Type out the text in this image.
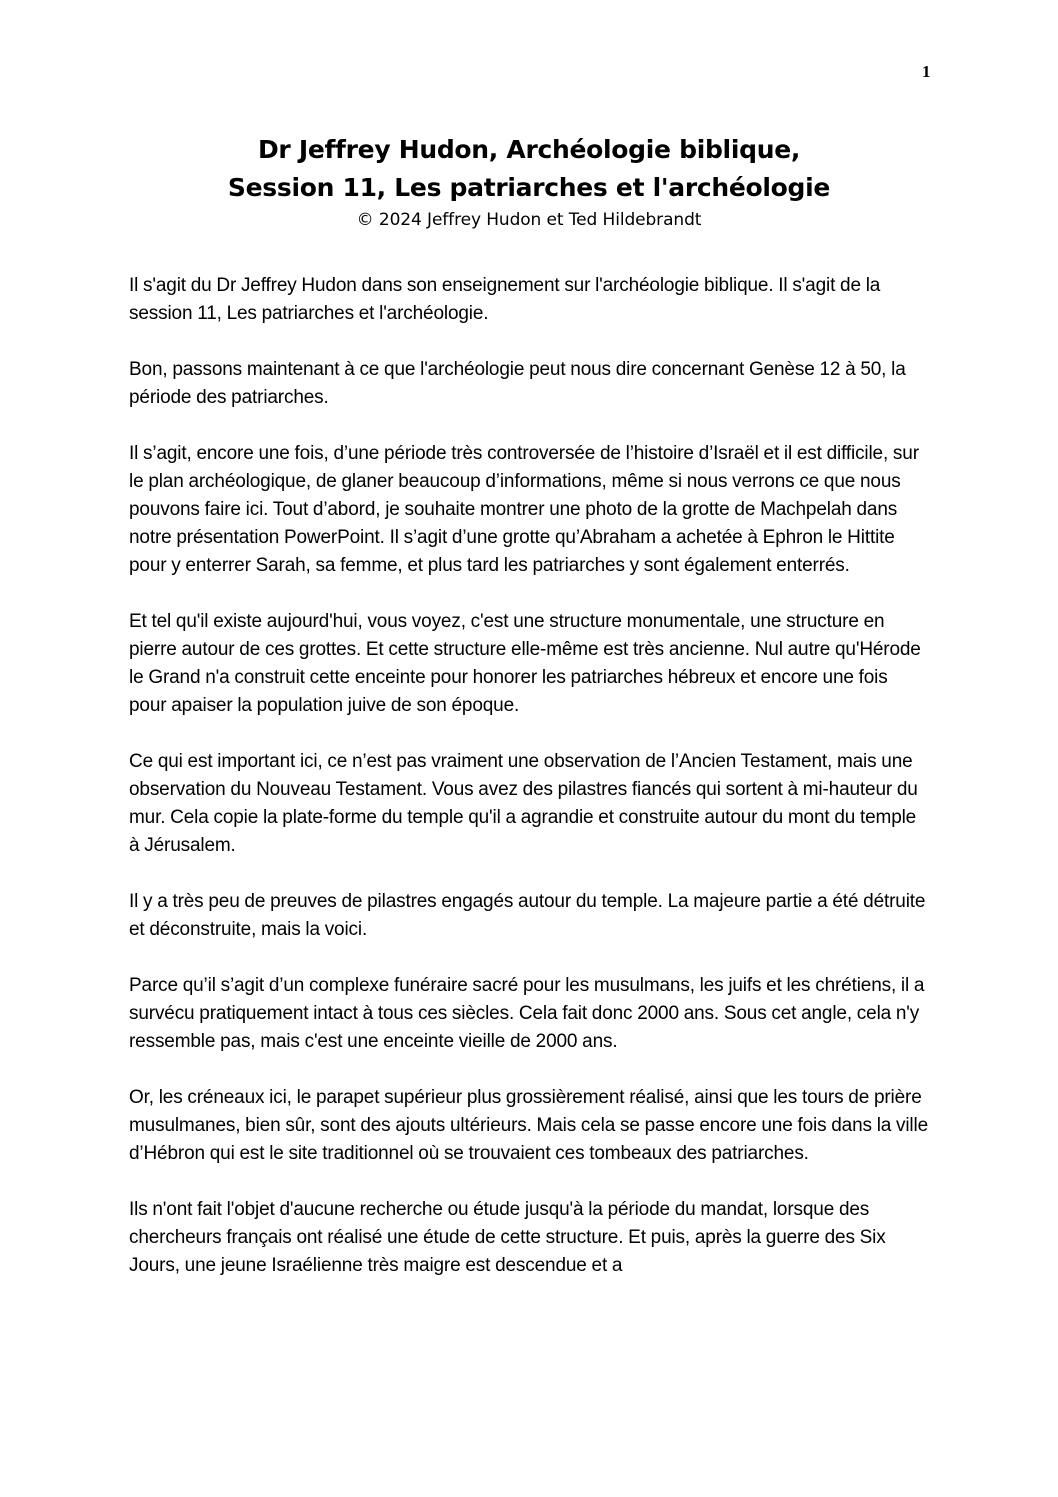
1
Dr Jeffrey Hudon, Archéologie biblique,
Session 11, Les patriarches et l'archéologie
© 2024 Jeffrey Hudon et Ted Hildebrandt

Il s'agit du Dr Jeffrey Hudon dans son enseignement sur l'archéologie biblique. Il s'agit de la session 11, Les patriarches et l'archéologie.

Bon, passons maintenant à ce que l'archéologie peut nous dire concernant Genèse 12 à 50, la période des patriarches.

Il s’agit, encore une fois, d’une période très controversée de l’histoire d’Israël et il est difficile, sur le plan archéologique, de glaner beaucoup d’informations, même si nous verrons ce que nous pouvons faire ici. Tout d’abord, je souhaite montrer une photo de la grotte de Machpelah dans notre présentation PowerPoint. Il s’agit d’une grotte qu’Abraham a achetée à Ephron le Hittite pour y enterrer Sarah, sa femme, et plus tard les patriarches y sont également enterrés.

Et tel qu'il existe aujourd'hui, vous voyez, c'est une structure monumentale, une structure en pierre autour de ces grottes. Et cette structure elle-même est très ancienne. Nul autre qu'Hérode le Grand n'a construit cette enceinte pour honorer les patriarches hébreux et encore une fois pour apaiser la population juive de son époque.

Ce qui est important ici, ce n’est pas vraiment une observation de l’Ancien Testament, mais une observation du Nouveau Testament. Vous avez des pilastres fiancés qui sortent à mi-hauteur du mur. Cela copie la plate-forme du temple qu'il a agrandie et construite autour du mont du temple à Jérusalem.

Il y a très peu de preuves de pilastres engagés autour du temple. La majeure partie a été détruite et déconstruite, mais la voici.

Parce qu’il s’agit d’un complexe funéraire sacré pour les musulmans, les juifs et les chrétiens, il a survécu pratiquement intact à tous ces siècles. Cela fait donc 2000 ans. Sous cet angle, cela n'y ressemble pas, mais c'est une enceinte vieille de 2000 ans.

Or, les créneaux ici, le parapet supérieur plus grossièrement réalisé, ainsi que les tours de prière musulmanes, bien sûr, sont des ajouts ultérieurs. Mais cela se passe encore une fois dans la ville d’Hébron qui est le site traditionnel où se trouvaient ces tombeaux des patriarches.

Ils n'ont fait l'objet d'aucune recherche ou étude jusqu'à la période du mandat, lorsque des chercheurs français ont réalisé une étude de cette structure. Et puis, après la guerre des Six Jours, une jeune Israélienne très maigre est descendue et a
